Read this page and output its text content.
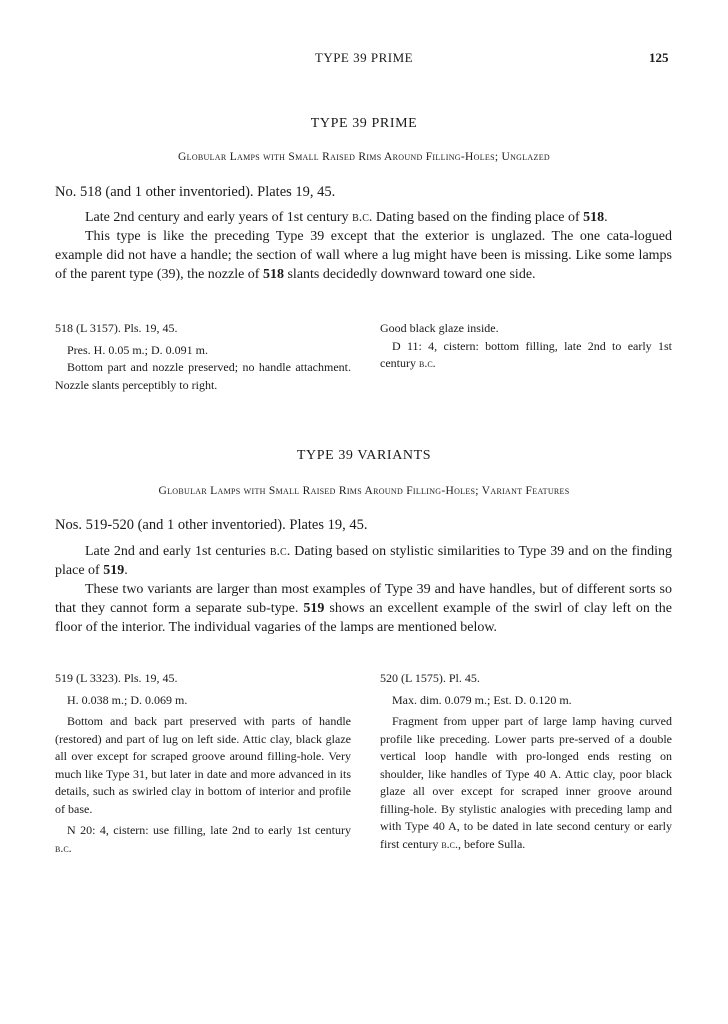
TYPE 39 PRIME	125
TYPE 39 PRIME
Globular Lamps with Small Raised Rims Around Filling-Holes; Unglazed
No. 518 (and 1 other inventoried). Plates 19, 45.

Late 2nd century and early years of 1st century b.c. Dating based on the finding place of 518.

This type is like the preceding Type 39 except that the exterior is unglazed. The one cata-logued example did not have a handle; the section of wall where a lug might have been is missing. Like some lamps of the parent type (39), the nozzle of 518 slants decidedly downward toward one side.

518 (L 3157). Pls. 19, 45.

Pres. H. 0.05 m.; D. 0.091 m.

Bottom part and nozzle preserved; no handle attachment. Nozzle slants perceptibly to right.

Good black glaze inside.

D 11: 4, cistern: bottom filling, late 2nd to early 1st century b.c.

TYPE 39 VARIANTS
Globular Lamps with Small Raised Rims Around Filling-Holes; Variant Features
Nos. 519-520 (and 1 other inventoried). Plates 19, 45.

Late 2nd and early 1st centuries b.c. Dating based on stylistic similarities to Type 39 and on the finding place of 519.

These two variants are larger than most examples of Type 39 and have handles, but of different sorts so that they cannot form a separate sub-type. 519 shows an excellent example of the swirl of clay left on the floor of the interior. The individual vagaries of the lamps are mentioned below.

519 (L 3323). Pls. 19, 45.

H. 0.038 m.; D. 0.069 m.

Bottom and back part preserved with parts of handle (restored) and part of lug on left side. Attic clay, black glaze all over except for scraped groove around filling-hole. Very much like Type 31, but later in date and more advanced in its details, such as swirled clay in bottom of interior and profile of base.

N 20: 4, cistern: use filling, late 2nd to early 1st century b.c.

520 (L 1575). Pl. 45.

Max. dim. 0.079 m.; Est. D. 0.120 m.

Fragment from upper part of large lamp having curved profile like preceding. Lower parts pre-served of a double vertical loop handle with pro-longed ends resting on shoulder, like handles of Type 40 A. Attic clay, poor black glaze all over except for scraped inner groove around filling-hole. By stylistic analogies with preceding lamp and with Type 40 A, to be dated in late second century or early first century b.c., before Sulla.
